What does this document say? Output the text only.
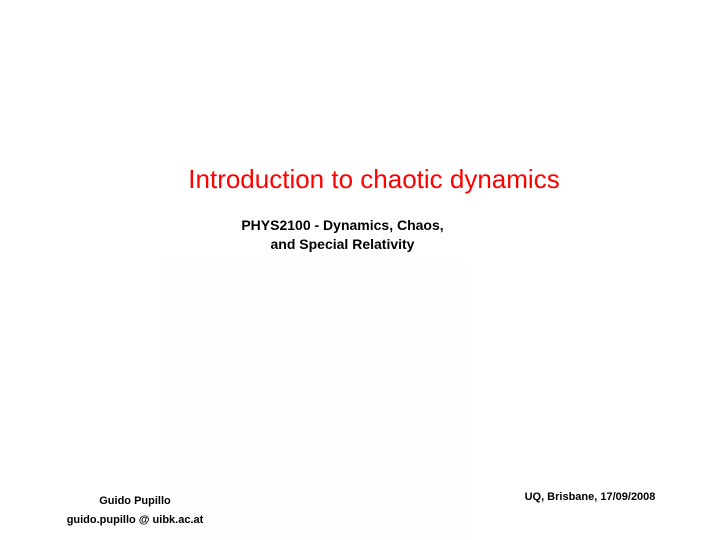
Introduction to chaotic dynamics
PHYS2100 - Dynamics, Chaos,
and Special Relativity
Guido Pupillo
guido.pupillo @ uibk.ac.at
UQ, Brisbane, 17/09/2008
